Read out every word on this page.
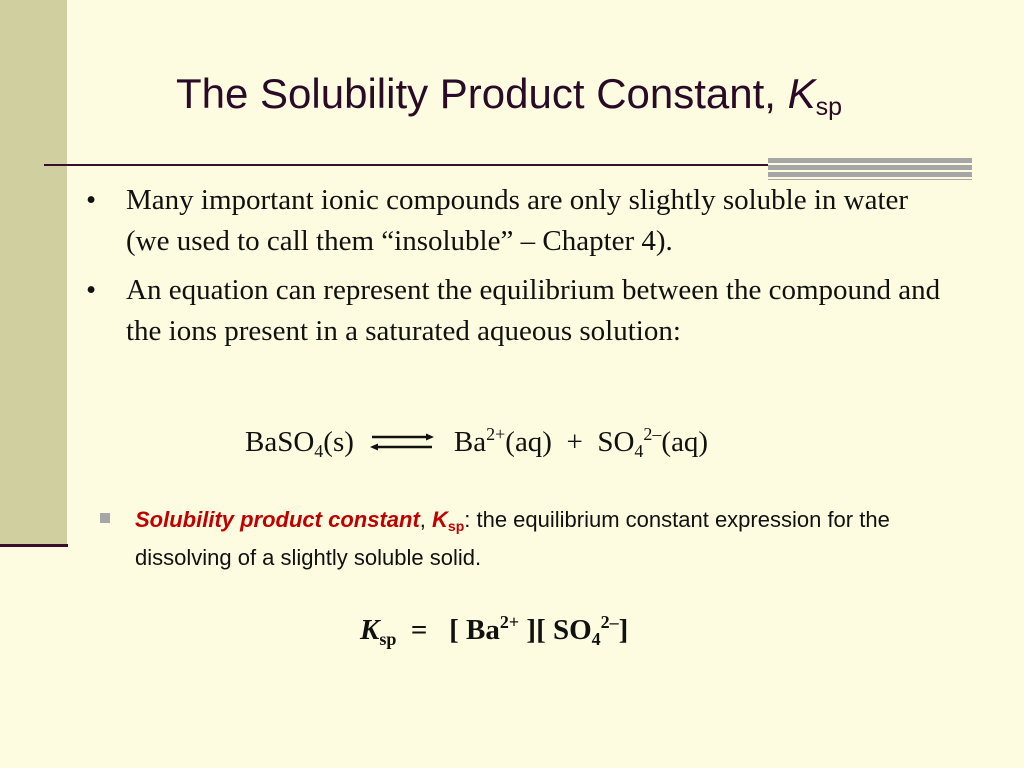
The Solubility Product Constant, $K_{sp}$
• Many important ionic compounds are only slightly soluble in water (we used to call them “insoluble” – Chapter 4).
• An equation can represent the equilibrium between the compound and the ions present in a saturated aqueous solution:
BaSO$_4$(s) ⇌ $Ba^{2+}(aq) + SO_4^{2-}(aq)$
Solubility product constant, $K_{sp}$: the equilibrium constant expression for the dissolving of a slightly soluble solid.
$K_{sp}$  =   [ $Ba^{2+}$ ][ $SO_4^{2-}$]
